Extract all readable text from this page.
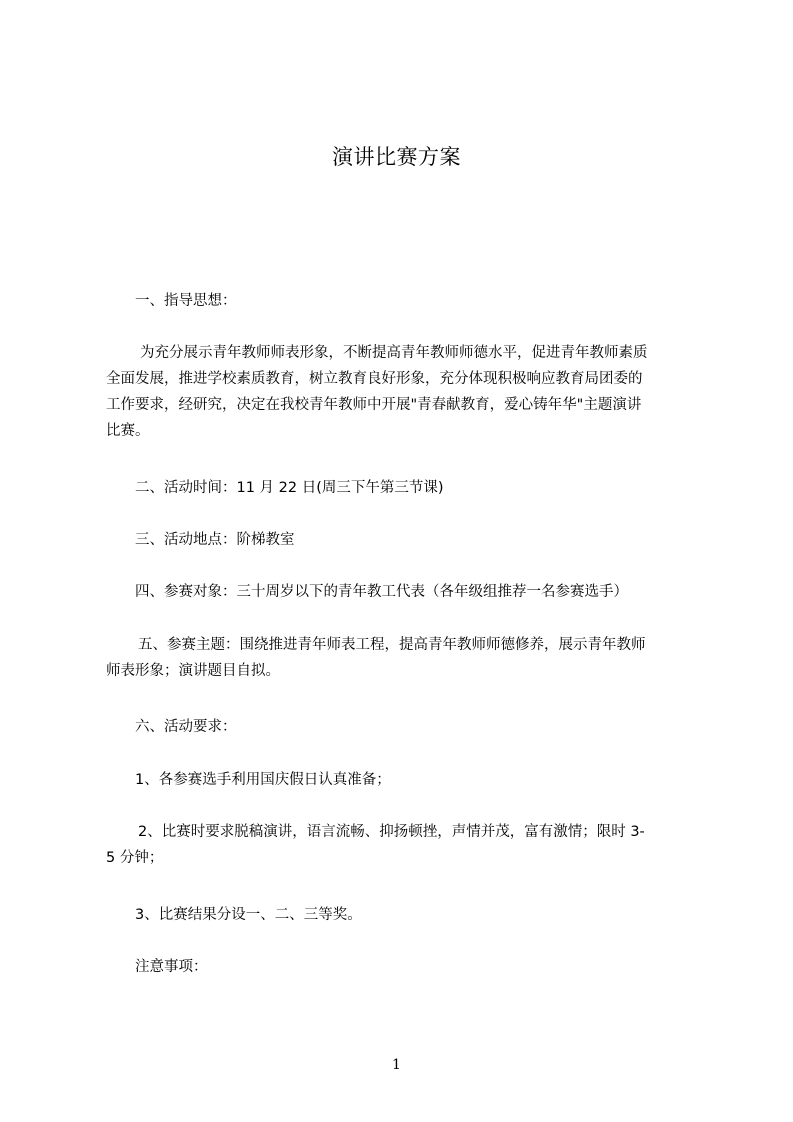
演讲比赛方案

一、指导思想：

为充分展示青年教师师表形象，不断提高青年教师师德水平，促进青年教师素质
全面发展，推进学校素质教育，树立教育良好形象，充分体现积极响应教育局团委的
工作要求，经研究，决定在我校青年教师中开展"青春献教育，爱心铸年华"主题演讲
比赛。

二、活动时间：11 月 22 日(周三下午第三节课)

三、活动地点：阶梯教室

四、参赛对象：三十周岁以下的青年教工代表（各年级组推荐一名参赛选手）

五、参赛主题：围绕推进青年师表工程，提高青年教师师德修养，展示青年教师
师表形象；演讲题目自拟。

六、活动要求：

1、各参赛选手利用国庆假日认真准备；

2、比赛时要求脱稿演讲，语言流畅、抑扬顿挫，声情并茂，富有激情；限时 3-
5 分钟；

3、比赛结果分设一、二、三等奖。

注意事项：

1
